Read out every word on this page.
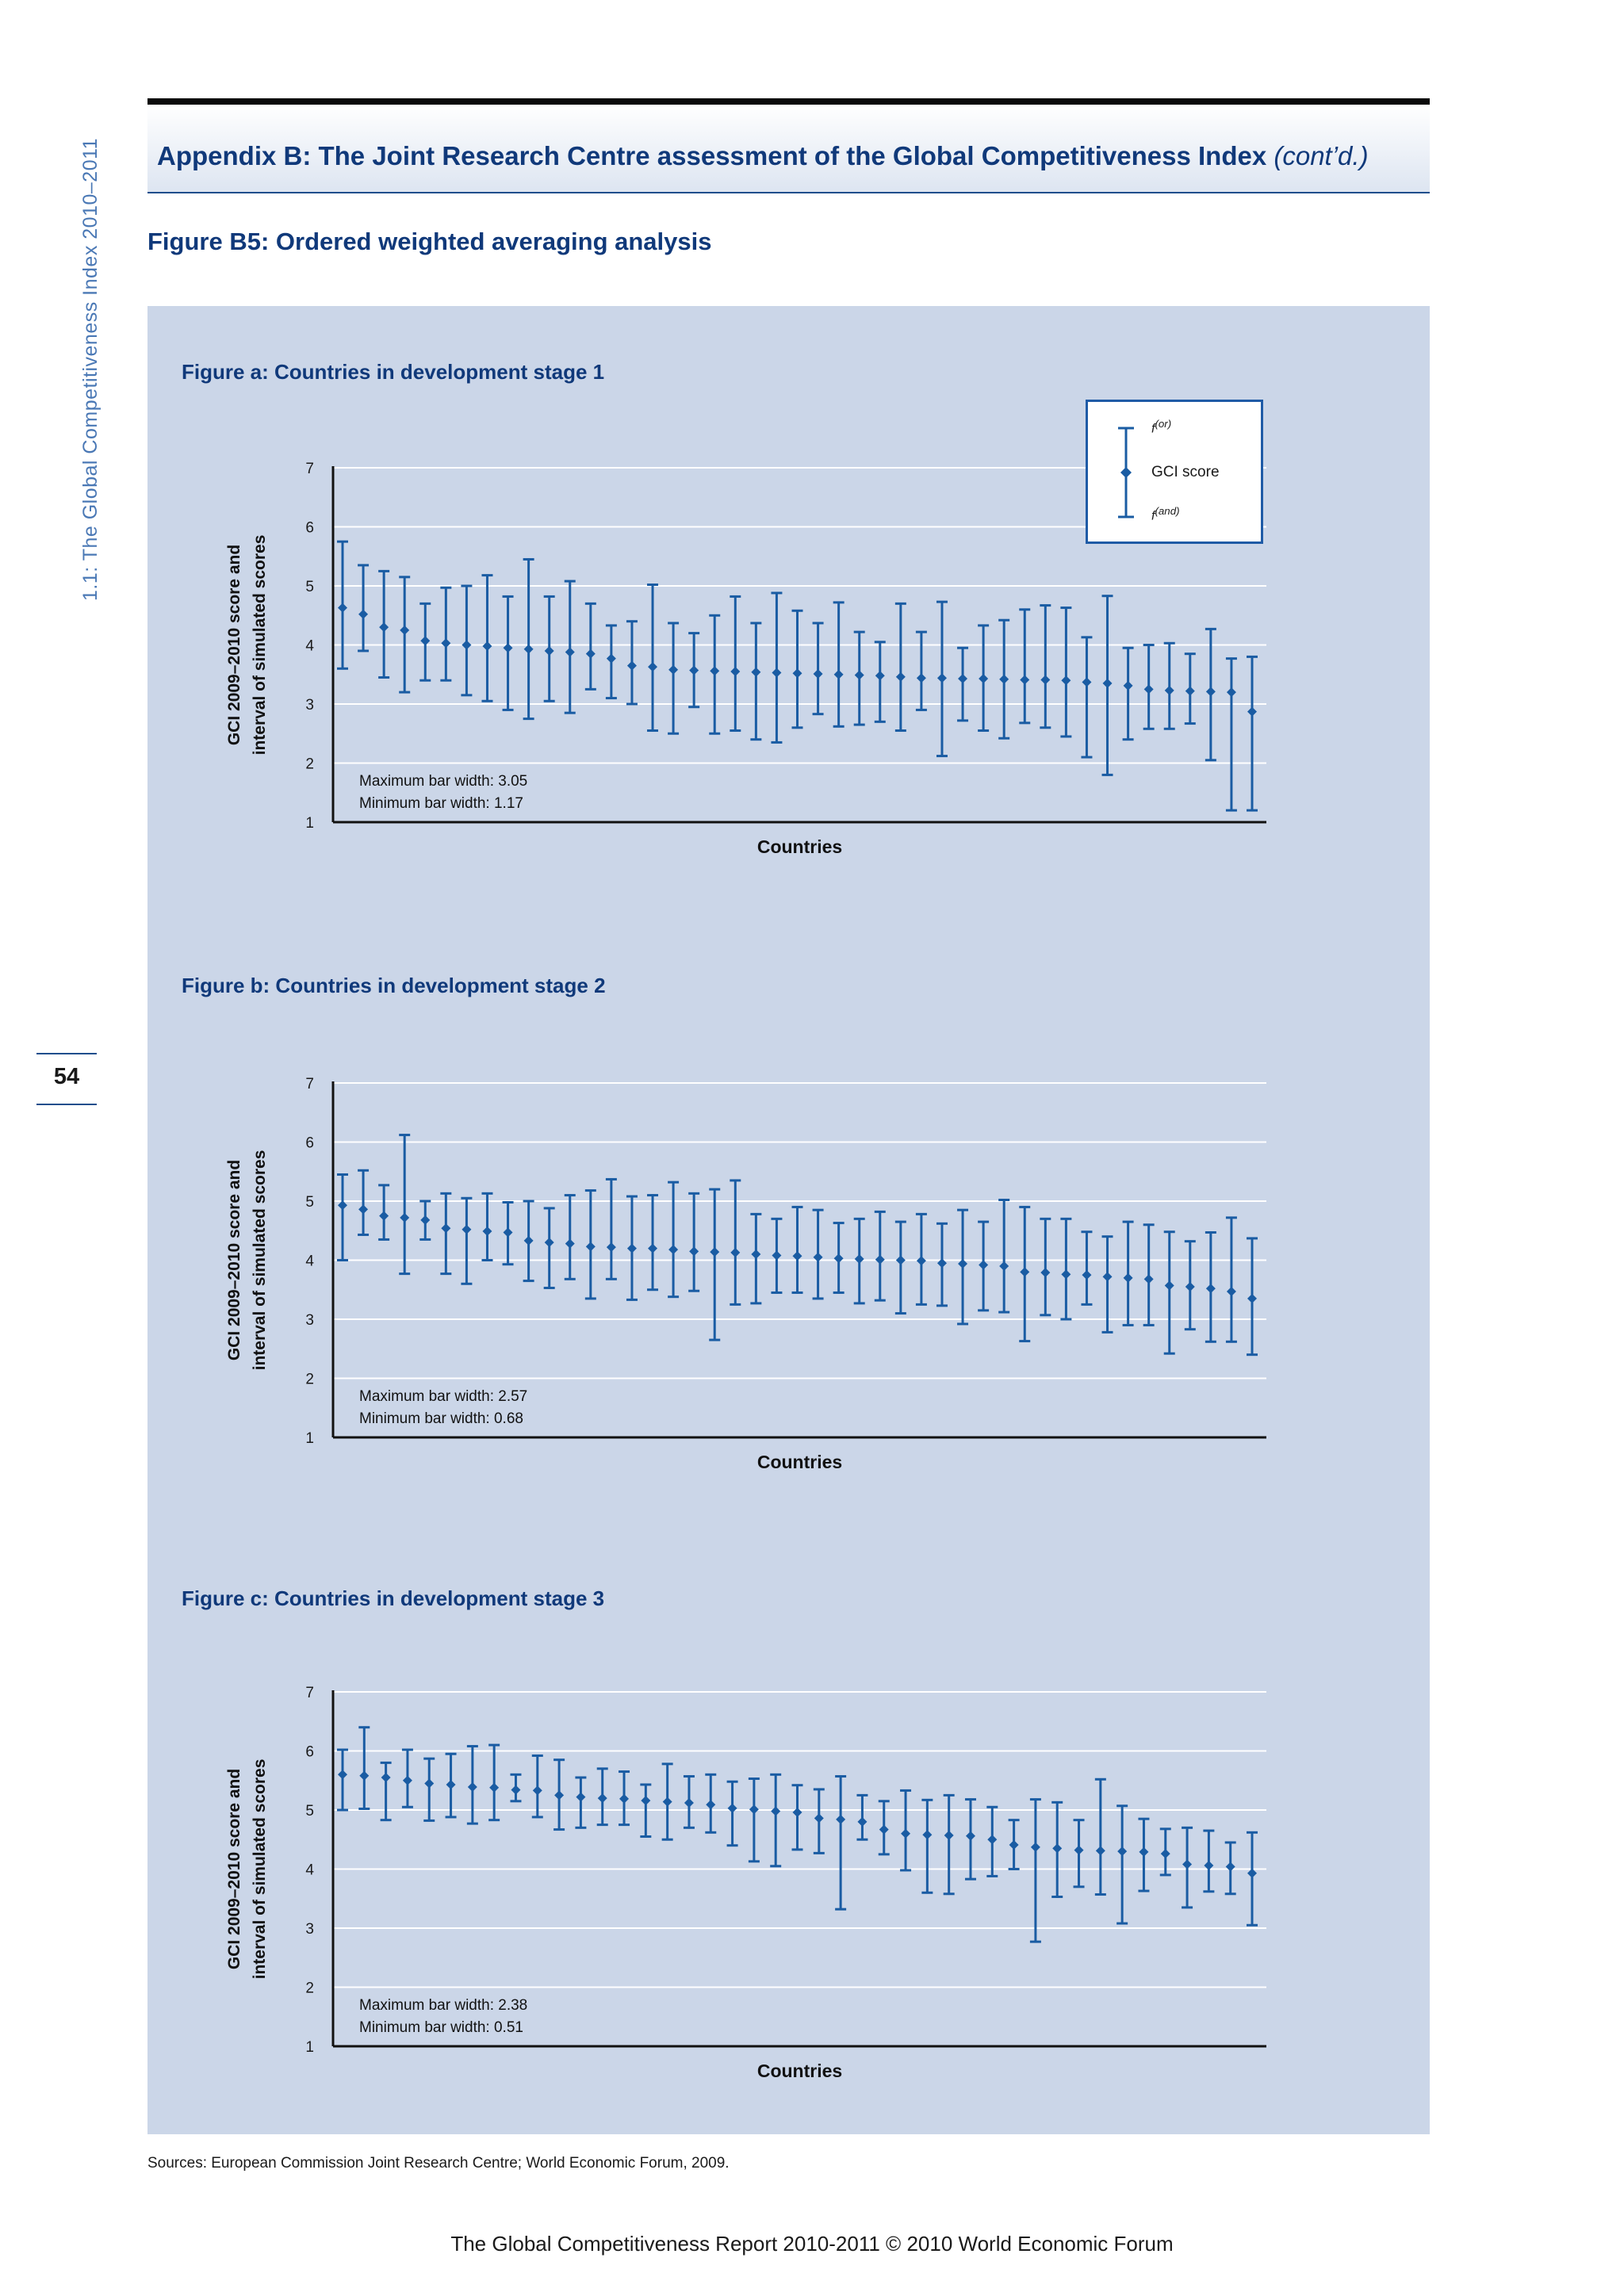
1.1: The Global Competitiveness Index 2010–2011
54
Appendix B: The Joint Research Centre assessment of the Global Competitiveness Index (cont’d.)
Figure B5: Ordered weighted averaging analysis
Figure a: Countries in development stage 1
Figure b: Countries in development stage 2
Figure c: Countries in development stage 3
1
2
3
4
5
6
7
GCI 2009–2010 score and interval of simulated scores
Countries
Maximum bar width: 3.05
Minimum bar width: 1.17
1
2
3
4
5
6
7
GCI 2009–2010 score and interval of simulated scores
Countries
Maximum bar width: 2.57
Minimum bar width: 0.68
1
2
3
4
5
6
7
GCI 2009–2010 score and interval of simulated scores
Countries
Maximum bar width: 2.38
Minimum bar width: 0.51
$f^{(or)}$
GCI score
$f^{(and)}$
Sources: European Commission Joint Research Centre; World Economic Forum, 2009.
The Global Competitiveness Report 2010-2011 © 2010 World Economic Forum
